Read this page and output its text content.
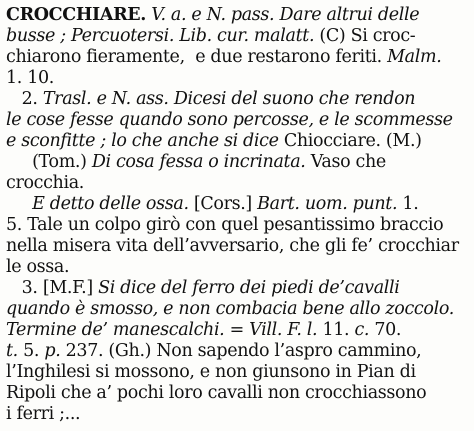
CROCCHIARE. V. a. e N. pass. Dare altrui delle
busse ; Percuotersi. Lib. cur. malatt. (C) Si croc-
chiarono fieramente,  e due restarono feriti. Malm.
1. 10.
2. Trasl. e N. ass. Dicesi del suono che rendon
le cose fesse quando sono percosse, e le scommesse
e sconfitte ; lo che anche si dice Chiocciare. (M.)
(Tom.) Di cosa fessa o incrinata. Vaso che
crocchia.
E detto delle ossa. [Cors.] Bart. uom. punt. 1.
5. Tale un colpo girò con quel pesantissimo braccio
nella misera vita dell’avversario, che gli fe’ crocchiar
le ossa.
3. [M.F.] Si dice del ferro dei piedi de’cavalli
quando è smosso, e non combacia bene allo zoccolo.
Termine de’ manescalchi. = Vill. F. l. 11. c. 70.
t. 5. p. 237. (Gh.) Non sapendo l’aspro cammino,
l’Inghilesi si mossono, e non giunsono in Pian di
Ripoli che a’ pochi loro cavalli non crocchiassono
i ferri ;...
